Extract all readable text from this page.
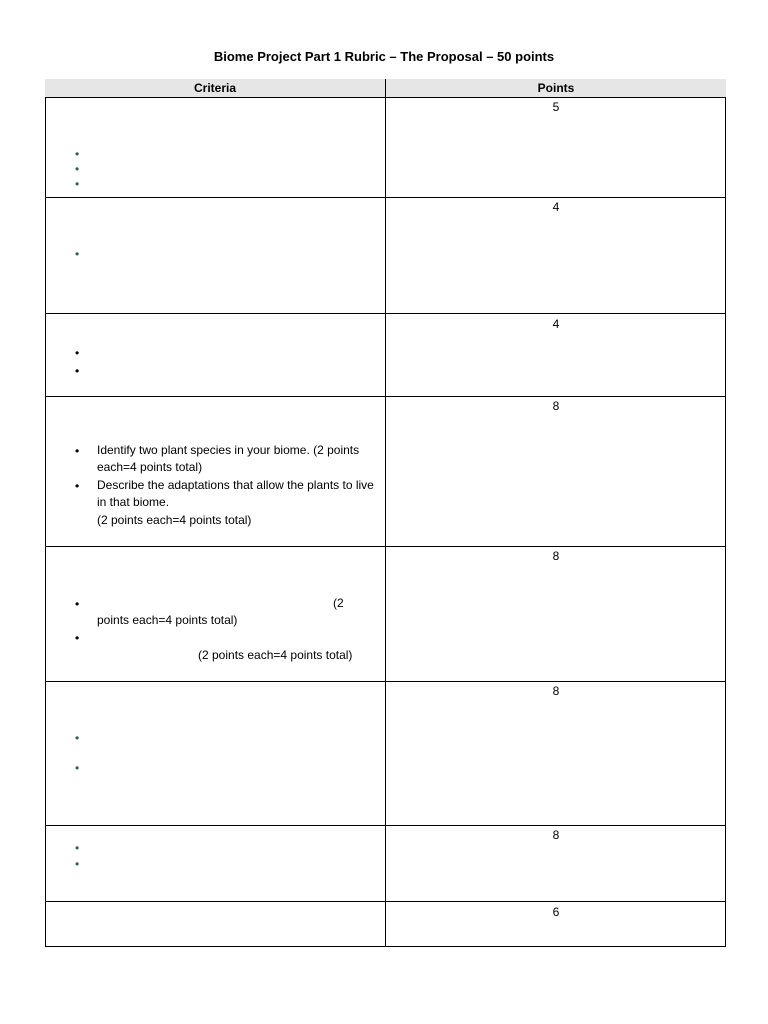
Biome Project Part 1 Rubric – The Proposal – 50 points
Criteria	Points
5
•
•
•
4
•
4
•
•
8
• Identify two plant species in your biome. (2 points each=4 points total)
• Describe the adaptations that allow the plants to live in that biome.
(2 points each=4 points total)
8
•	(2
points each=4 points total)
•
(2 points each=4 points total)
8
•
•
8
•
•
6
